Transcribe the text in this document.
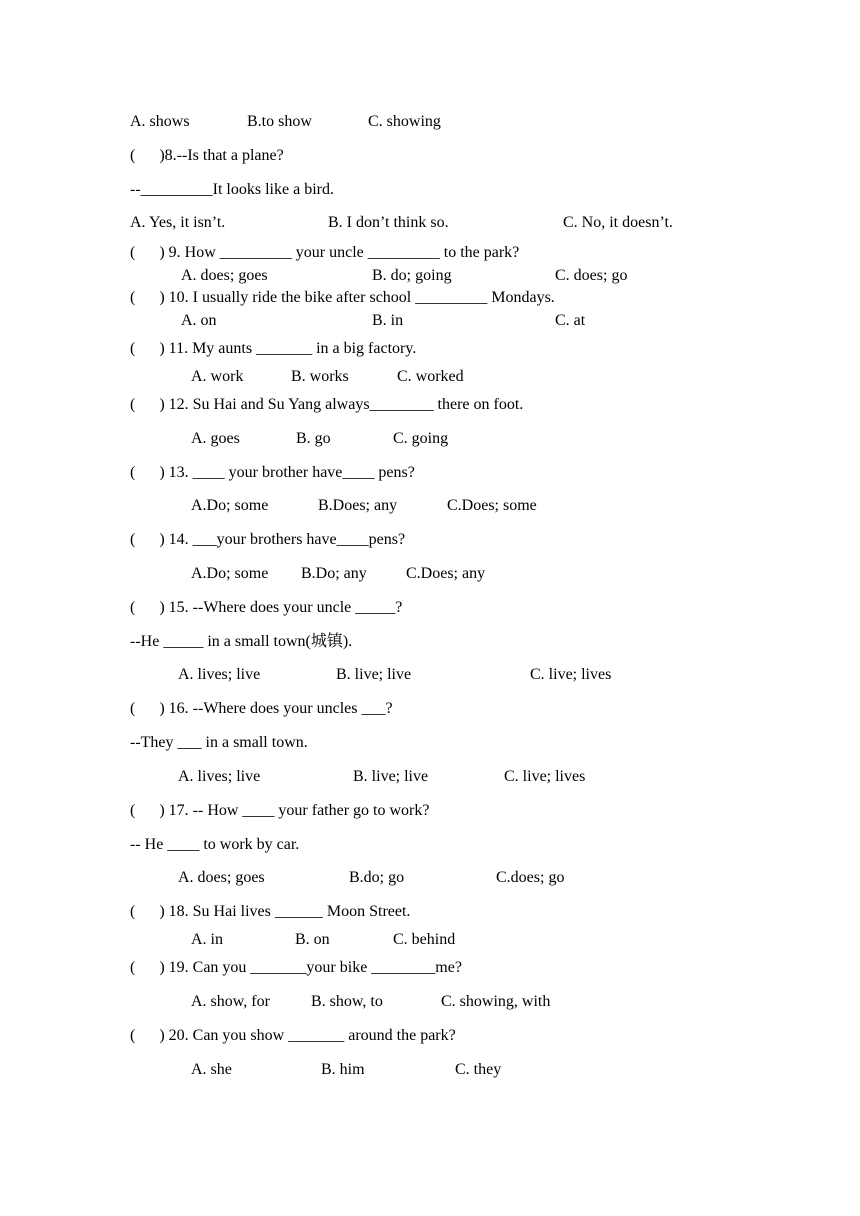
A. shows	B.to show	C. showing
(      )8.--Is that a plane?
--_________It looks like a bird.
A. Yes, it isn’t.	B. I don’t think so.	C. No, it doesn’t.
(      ) 9. How _________ your uncle _________ to the park?
A. does; goes	B. do; going	C. does; go
(      ) 10. I usually ride the bike after school _________ Mondays.
A. on	B. in	C. at
(      ) 11. My aunts _______ in a big factory.
A. work	B. works	C. worked
(      ) 12. Su Hai and Su Yang always________ there on foot.
A. goes	B. go	C. going
(      ) 13. ____ your brother have____ pens?
A.Do; some	B.Does; any	C.Does; some
(      ) 14. ___your brothers have____pens?
A.Do; some B.Do; any C.Does; any
(      ) 15. --Where does your uncle _____?
--He _____ in a small town(城镇).
A. lives; live	B. live; live	C. live; lives
(      ) 16. --Where does your uncles ___?
--They ___ in a small town.
A. lives; live	B. live; live	C. live; lives
(      ) 17. -- How ____ your father go to work?
-- He ____ to work by car.
A. does; goes	B.do; go	C.does; go
(      ) 18. Su Hai lives ______ Moon Street.
A. in	B. on	C. behind
(      ) 19. Can you _______your bike ________me?
A. show, for	B. show, to	C. showing, with
(      ) 20. Can you show _______ around the park?
A. she	B. him	C. they
